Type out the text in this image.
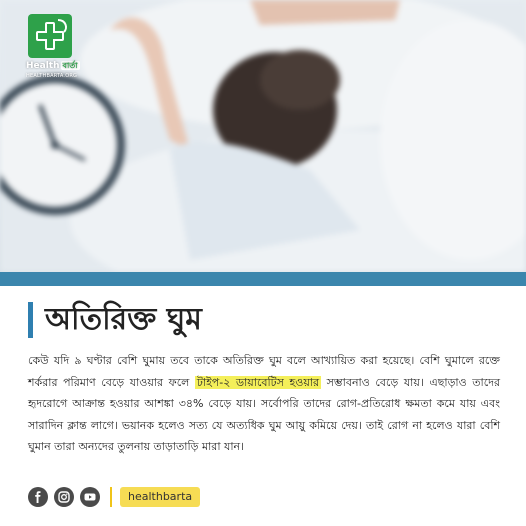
Health বার্তা
HEALTHBARTA.ORG
অতিরিক্ত ঘুম
কেউ যদি ৯ ঘণ্টার বেশি ঘুমায় তবে তাকে অতিরিক্ত ঘুম বলে আখ্যায়িত করা হয়েছে। বেশি ঘুমালে রক্তে শর্করার পরিমাণ বেড়ে যাওয়ার ফলে টাইপ-২ ডায়াবেটিস হওয়ার সম্ভাবনাও বেড়ে যায়। এছাড়াও তাদের হৃদরোগে আক্রান্ত হওয়ার আশঙ্কা ৩৪% বেড়ে যায়। সর্বোপরি তাদের রোগ-প্রতিরোধ ক্ষমতা কমে যায় এবং সারাদিন ক্লান্ত লাগে। ভয়ানক হলেও সত্য যে অত্যধিক ঘুম আয়ু কমিয়ে দেয়। তাই রোগ না হলেও যারা বেশি ঘুমান তারা অন্যদের তুলনায় তাড়াতাড়ি মারা যান।
healthbarta
